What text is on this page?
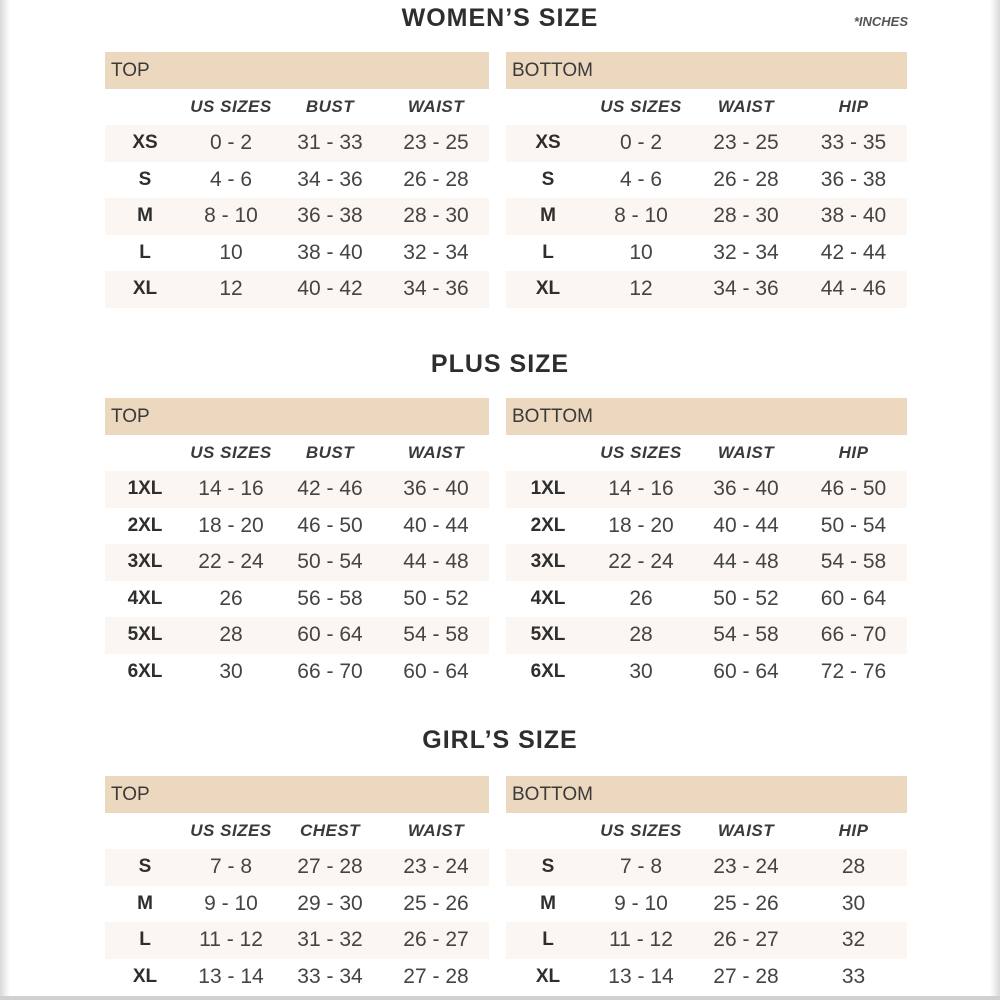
*INCHES
WOMEN’S SIZE
TOP
US SIZES	BUST	WAIST
XS	0 - 2	31 - 33	23 - 25
S	4 - 6	34 - 36	26 - 28
M	8 - 10	36 - 38	28 - 30
L	10	38 - 40	32 - 34
XL	12	40 - 42	34 - 36
BOTTOM
US SIZES	WAIST	HIP
XS	0 - 2	23 - 25	33 - 35
S	4 - 6	26 - 28	36 - 38
M	8 - 10	28 - 30	38 - 40
L	10	32 - 34	42 - 44
XL	12	34 - 36	44 - 46
PLUS SIZE
TOP
US SIZES	BUST	WAIST
1XL	14 - 16	42 - 46	36 - 40
2XL	18 - 20	46 - 50	40 - 44
3XL	22 - 24	50 - 54	44 - 48
4XL	26	56 - 58	50 - 52
5XL	28	60 - 64	54 - 58
6XL	30	66 - 70	60 - 64
BOTTOM
US SIZES	WAIST	HIP
1XL	14 - 16	36 - 40	46 - 50
2XL	18 - 20	40 - 44	50 - 54
3XL	22 - 24	44 - 48	54 - 58
4XL	26	50 - 52	60 - 64
5XL	28	54 - 58	66 - 70
6XL	30	60 - 64	72 - 76
GIRL’S SIZE
TOP
US SIZES	CHEST	WAIST
S	7 - 8	27 - 28	23 - 24
M	9 - 10	29 - 30	25 - 26
L	11 - 12	31 - 32	26 - 27
XL	13 - 14	33 - 34	27 - 28
BOTTOM
US SIZES	WAIST	HIP
S	7 - 8	23 - 24	28
M	9 - 10	25 - 26	30
L	11 - 12	26 - 27	32
XL	13 - 14	27 - 28	33
